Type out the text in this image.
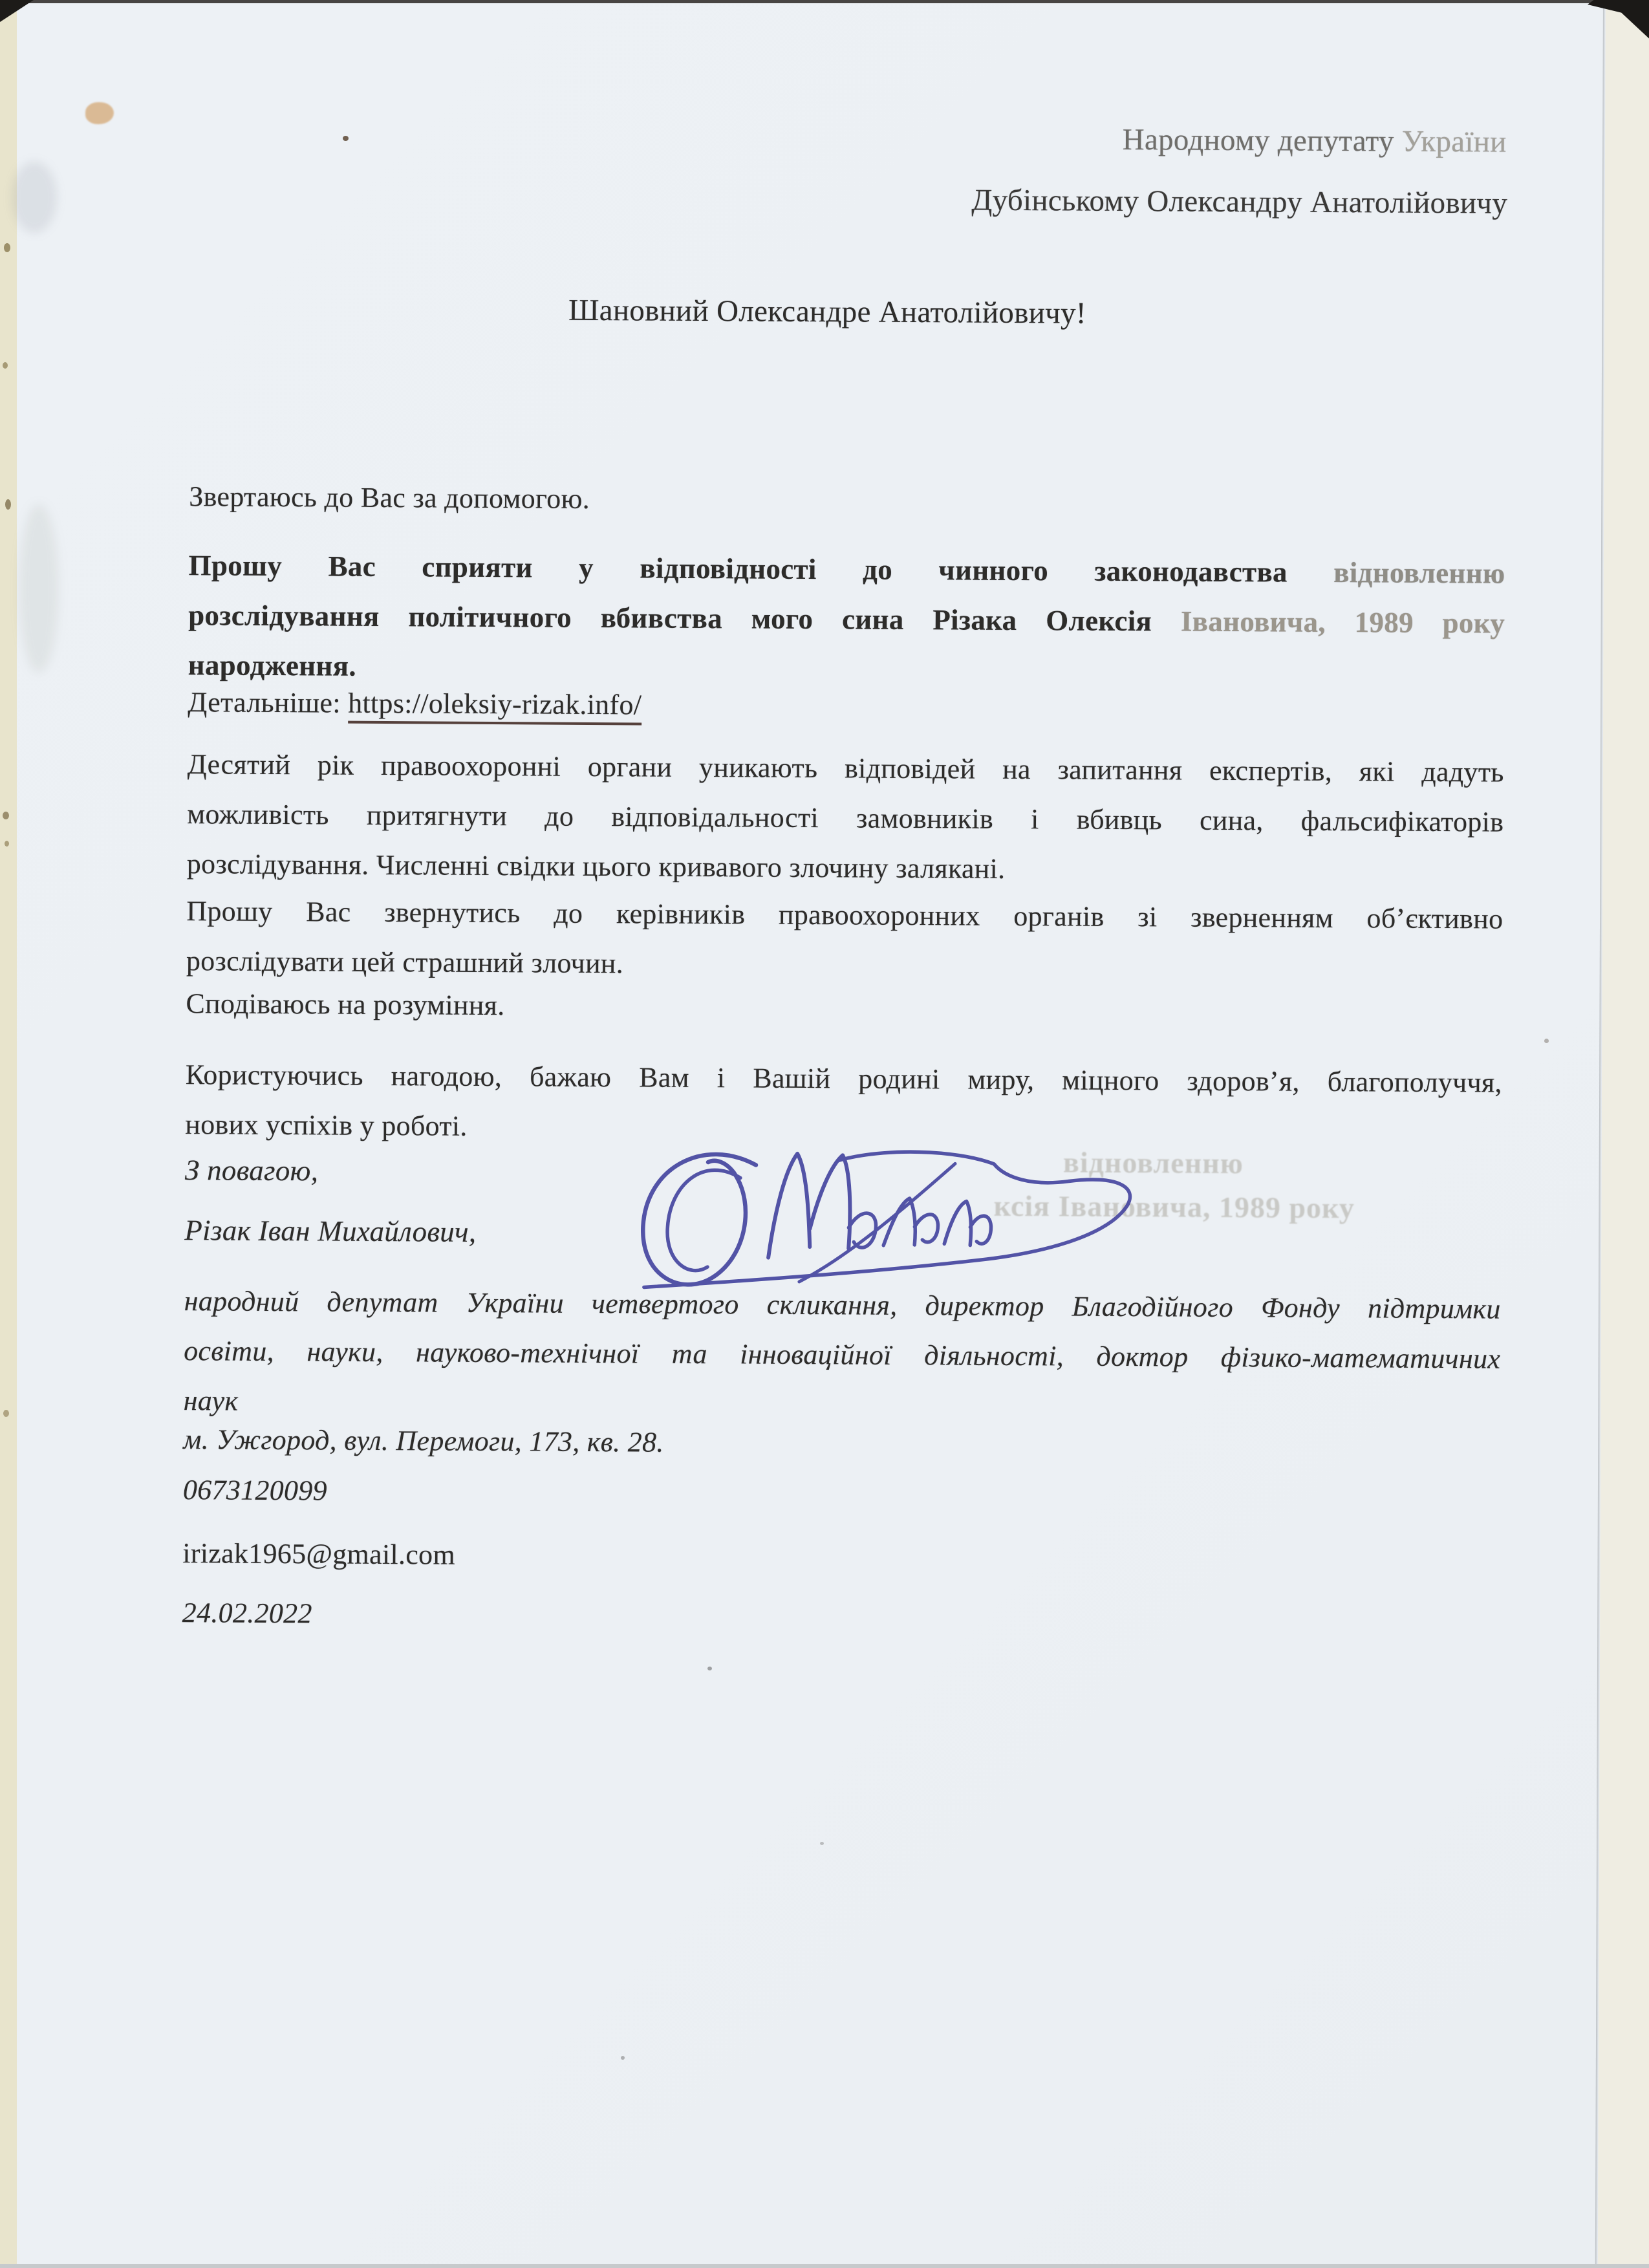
Народному депутату України
Дубінському Олександру Анатолійовичу
Шановний Олександре Анатолійовичу!
Звертаюсь до Вас за допомогою.
Прошу Вас сприяти у відповідності до чинного законодавства відновленню
розслідування політичного вбивства мого сина Різака Олексія Івановича, 1989 року
народження.
Детальніше: https://oleksiy-rizak.info/
Десятий рік правоохоронні органи уникають відповідей на запитання експертів, які дадуть
можливість притягнути до відповідальності замовників і вбивць сина, фальсифікаторів
розслідування. Численні свідки цього кривавого злочину залякані.
Прошу Вас звернутись до керівників правоохоронних органів зі зверненням об’єктивно
розслідувати цей страшний злочин.
Сподіваюсь на розуміння.
Користуючись нагодою, бажаю Вам і Вашій родині миру, міцного здоров’я, благополуччя,
нових успіхів у роботі.
відновленню
ксія Івановича, 1989 року
З повагою,
Різак Іван Михайлович,
народний депутат України четвертого скликання, директор Благодійного Фонду підтримки
освіти, науки, науково-технічної та інноваційної діяльності, доктор фізико-математичних
наук
м. Ужгород, вул. Перемоги, 173, кв. 28.
0673120099
irizak1965@gmail.com
24.02.2022
